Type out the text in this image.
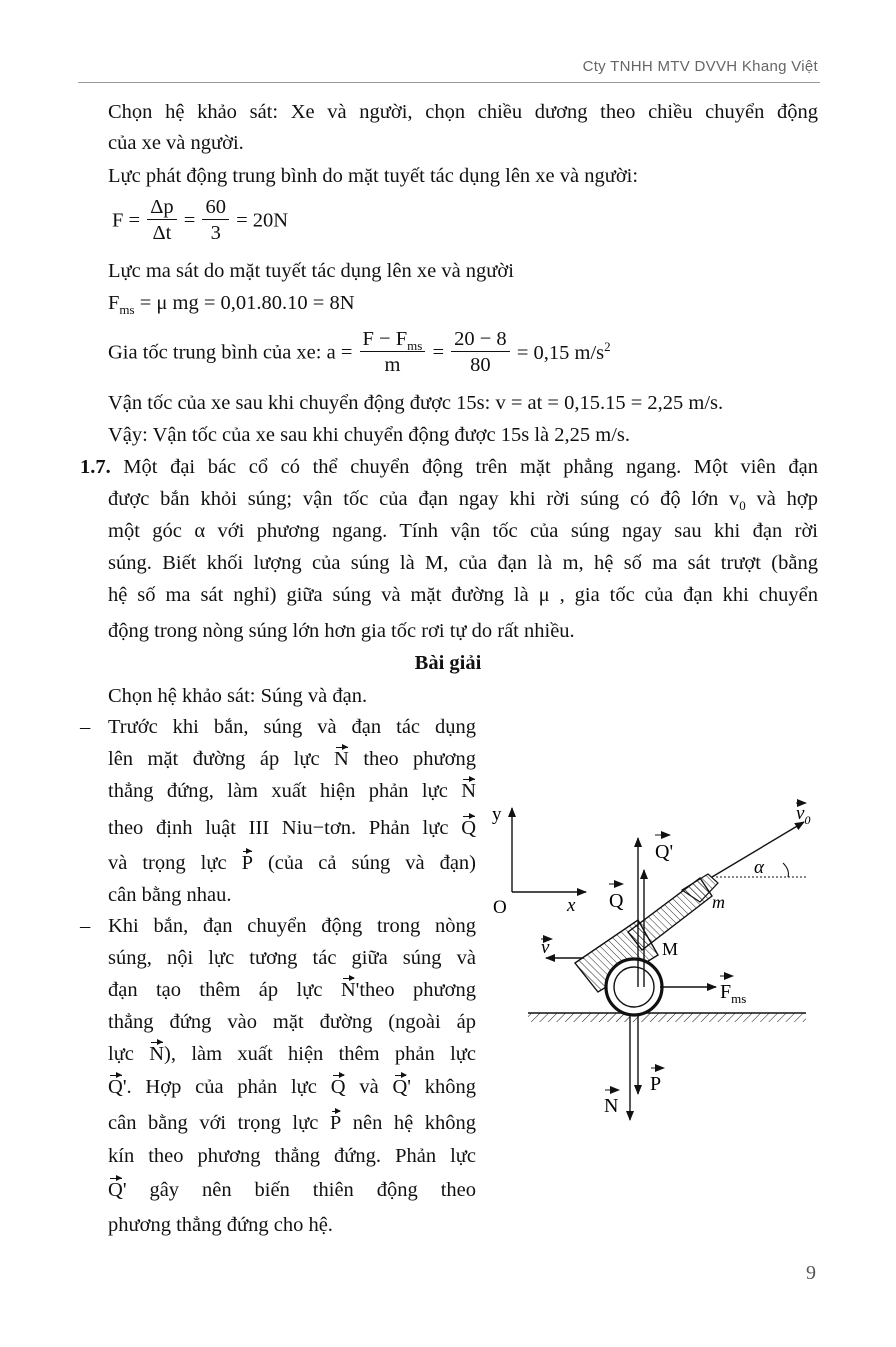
Cty TNHH MTV DVVH Khang Việt
Chọn hệ khảo sát: Xe và người, chọn chiều dương theo chiều chuyển động
của xe và người.
Lực phát động trung bình do mặt tuyết tác dụng lên xe và người:
$F = \frac{\Delta p}{\Delta t} = \frac{60}{3} = 20N$
Lực ma sát do mặt tuyết tác dụng lên xe và người
$F_{ms} = \mu$ mg = 0,01.80.10 = 8N
Gia tốc trung bình của xe: $a = \frac{F - F_{ms}}{m} = \frac{20 - 8}{80} = 0,15$ $m/s^2$
Vận tốc của xe sau khi chuyển động được 15s: v = at = 0,15.15 = 2,25 m/s.
Vậy: Vận tốc của xe sau khi chuyển động được 15s là 2,25 m/s.
1.7. Một đại bác cổ có thể chuyển động trên mặt phẳng ngang. Một viên đạn
được bắn khỏi súng; vận tốc của đạn ngay khi rời súng có độ lớn $v_0$ và hợp
một góc α với phương ngang. Tính vận tốc của súng ngay sau khi đạn rời
súng. Biết khối lượng của súng là M, của đạn là m, hệ số ma sát trượt (bằng
hệ số ma sát nghỉ) giữa súng và mặt đường là μ , gia tốc của đạn khi chuyển
động trong nòng súng lớn hơn gia tốc rơi tự do rất nhiều.
Bài giải
Chọn hệ khảo sát: Súng và đạn.
– Trước khi bắn, súng và đạn tác dụng
lên mặt đường áp lực N theo phương
thẳng đứng, làm xuất hiện phản lực N
theo định luật III Niu−tơn. Phản lực Q
và trọng lực P (của cả súng và đạn)
cân bằng nhau.
– Khi bắn, đạn chuyển động trong nòng
súng, nội lực tương tác giữa súng và
đạn tạo thêm áp lực N'theo phương
thẳng đứng vào mặt đường (ngoài áp
lực N), làm xuất hiện thêm phản lực
Q'. Hợp của phản lực Q và Q' không
cân bằng với trọng lực P nên hệ không
kín theo phương thẳng đứng. Phản lực
Q' gây nên biến thiên động theo
phương thẳng đứng cho hệ.
y
O	x
$v_0$
α
Q'
Q	m
M
v
$F_{ms}$
P
N
9
